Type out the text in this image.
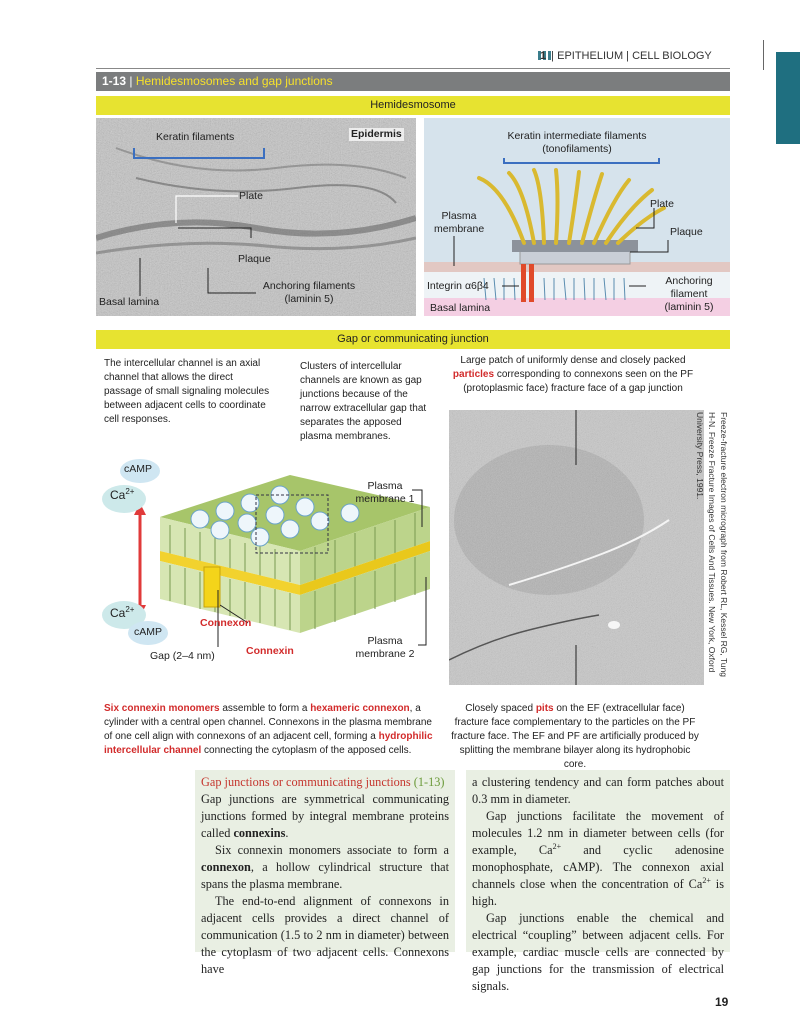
1 | EPITHELIUM | CELL BIOLOGY
1-13 | Hemidesmosomes and gap junctions
Hemidesmosome
Keratin filaments	Epidermis
Plate
Plaque
Anchoring filaments
(laminin 5)
Basal lamina
Keratin intermediate filaments
(tonofilaments)
Plasma
membrane
Plate
Plaque
Integrin α6β4	Anchoring filament
(laminin 5)
Basal lamina
Gap or communicating junction
The intercellular channel is an axial channel that allows the direct passage of small signaling molecules between adjacent cells to coordinate cell responses.
Clusters of intercellular channels are known as gap junctions because of the narrow extracellular gap that separates the apposed plasma membranes.
cAMP
$Ca^{2+}$
$Ca^{2+}$
cAMP
Plasma
membrane 1
Plasma
membrane 2
Connexon
Connexin
Gap (2–4 nm)
Six connexin monomers assemble to form a hexameric connexon, a cylinder with a central open channel. Connexons in the plasma membrane of one cell align with connexons of an adjacent cell, forming a hydrophilic intercellular channel connecting the cytoplasm of the apposed cells.
Large patch of uniformly dense and closely packed particles corresponding to connexons seen on the PF (protoplasmic face) fracture face of a gap junction
Freeze-fracture electron micrograph from Robert RL, Kessel RG, Tung H-N. Freeze Fracture Images of Cells And Tissues. New York, Oxford University Press, 1991.
Closely spaced pits on the EF (extracellular face) fracture face complementary to the particles on the PF fracture face. The EF and PF are artificially produced by splitting the membrane bilayer along its hydrophobic core.

Gap junctions or communicating junctions (1-13)

Gap junctions are symmetrical communicating junctions formed by integral membrane proteins called connexins.

Six connexin monomers associate to form a connexon, a hollow cylindrical structure that spans the plasma membrane.

The end-to-end alignment of connexons in adjacent cells provides a direct channel of communication (1.5 to 2 nm in diameter) between the cytoplasm of two adjacent cells. Connexons have

a clustering tendency and can form patches about 0.3 mm in diameter.

Gap junctions facilitate the movement of molecules 1.2 nm in diameter between cells (for example, $Ca^{2+}$ and cyclic adenosine monophosphate, cAMP). The connexon axial channels close when the concentration of $Ca^{2+}$ is high.

Gap junctions enable the chemical and electrical “coupling” between adjacent cells. For example, cardiac muscle cells are connected by gap junctions for the transmission of electrical signals.

19
